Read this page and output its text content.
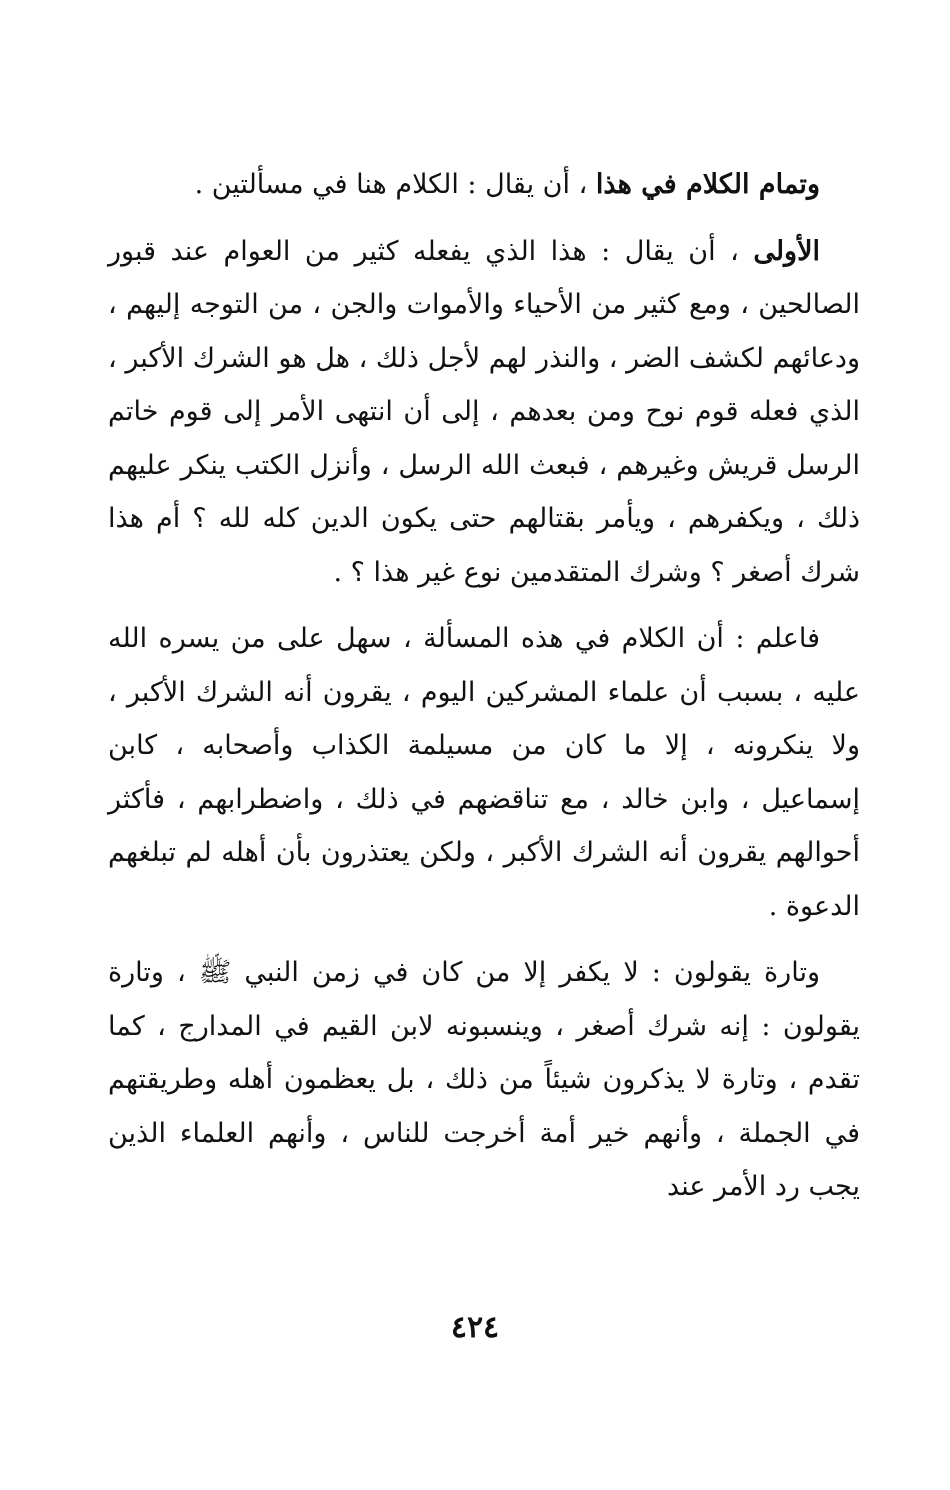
وتمام الكلام في هذا ، أن يقال : الكلام هنا في مسألتين .

الأولى ، أن يقال : هذا الذي يفعله كثير من العوام عند قبور الصالحين ، ومع كثير من الأحياء والأموات والجن ، من التوجه إليهم ، ودعائهم لكشف الضر ، والنذر لهم لأجل ذلك ، هل هو الشرك الأكبر ، الذي فعله قوم نوح ومن بعدهم ، إلى أن انتهى الأمر إلى قوم خاتم الرسل قريش وغيرهم ، فبعث الله الرسل ، وأنزل الكتب ينكر عليهم ذلك ، ويكفرهم ، ويأمر بقتالهم حتى يكون الدين كله لله ؟ أم هذا شرك أصغر ؟ وشرك المتقدمين نوع غير هذا ؟ .

فاعلم : أن الكلام في هذه المسألة ، سهل على من يسره الله عليه ، بسبب أن علماء المشركين اليوم ، يقرون أنه الشرك الأكبر ، ولا ينكرونه ، إلا ما كان من مسيلمة الكذاب وأصحابه ، كابن إسماعيل ، وابن خالد ، مع تناقضهم في ذلك ، واضطرابهم ، فأكثر أحوالهم يقرون أنه الشرك الأكبر ، ولكن يعتذرون بأن أهله لم تبلغهم الدعوة .

وتارة يقولون : لا يكفر إلا من كان في زمن النبي ﷺ ، وتارة يقولون : إنه شرك أصغر ، وينسبونه لابن القيم في المدارج ، كما تقدم ، وتارة لا يذكرون شيئاً من ذلك ، بل يعظمون أهله وطريقتهم في الجملة ، وأنهم خير أمة أخرجت للناس ، وأنهم العلماء الذين يجب رد الأمر عند

٤٢٤
